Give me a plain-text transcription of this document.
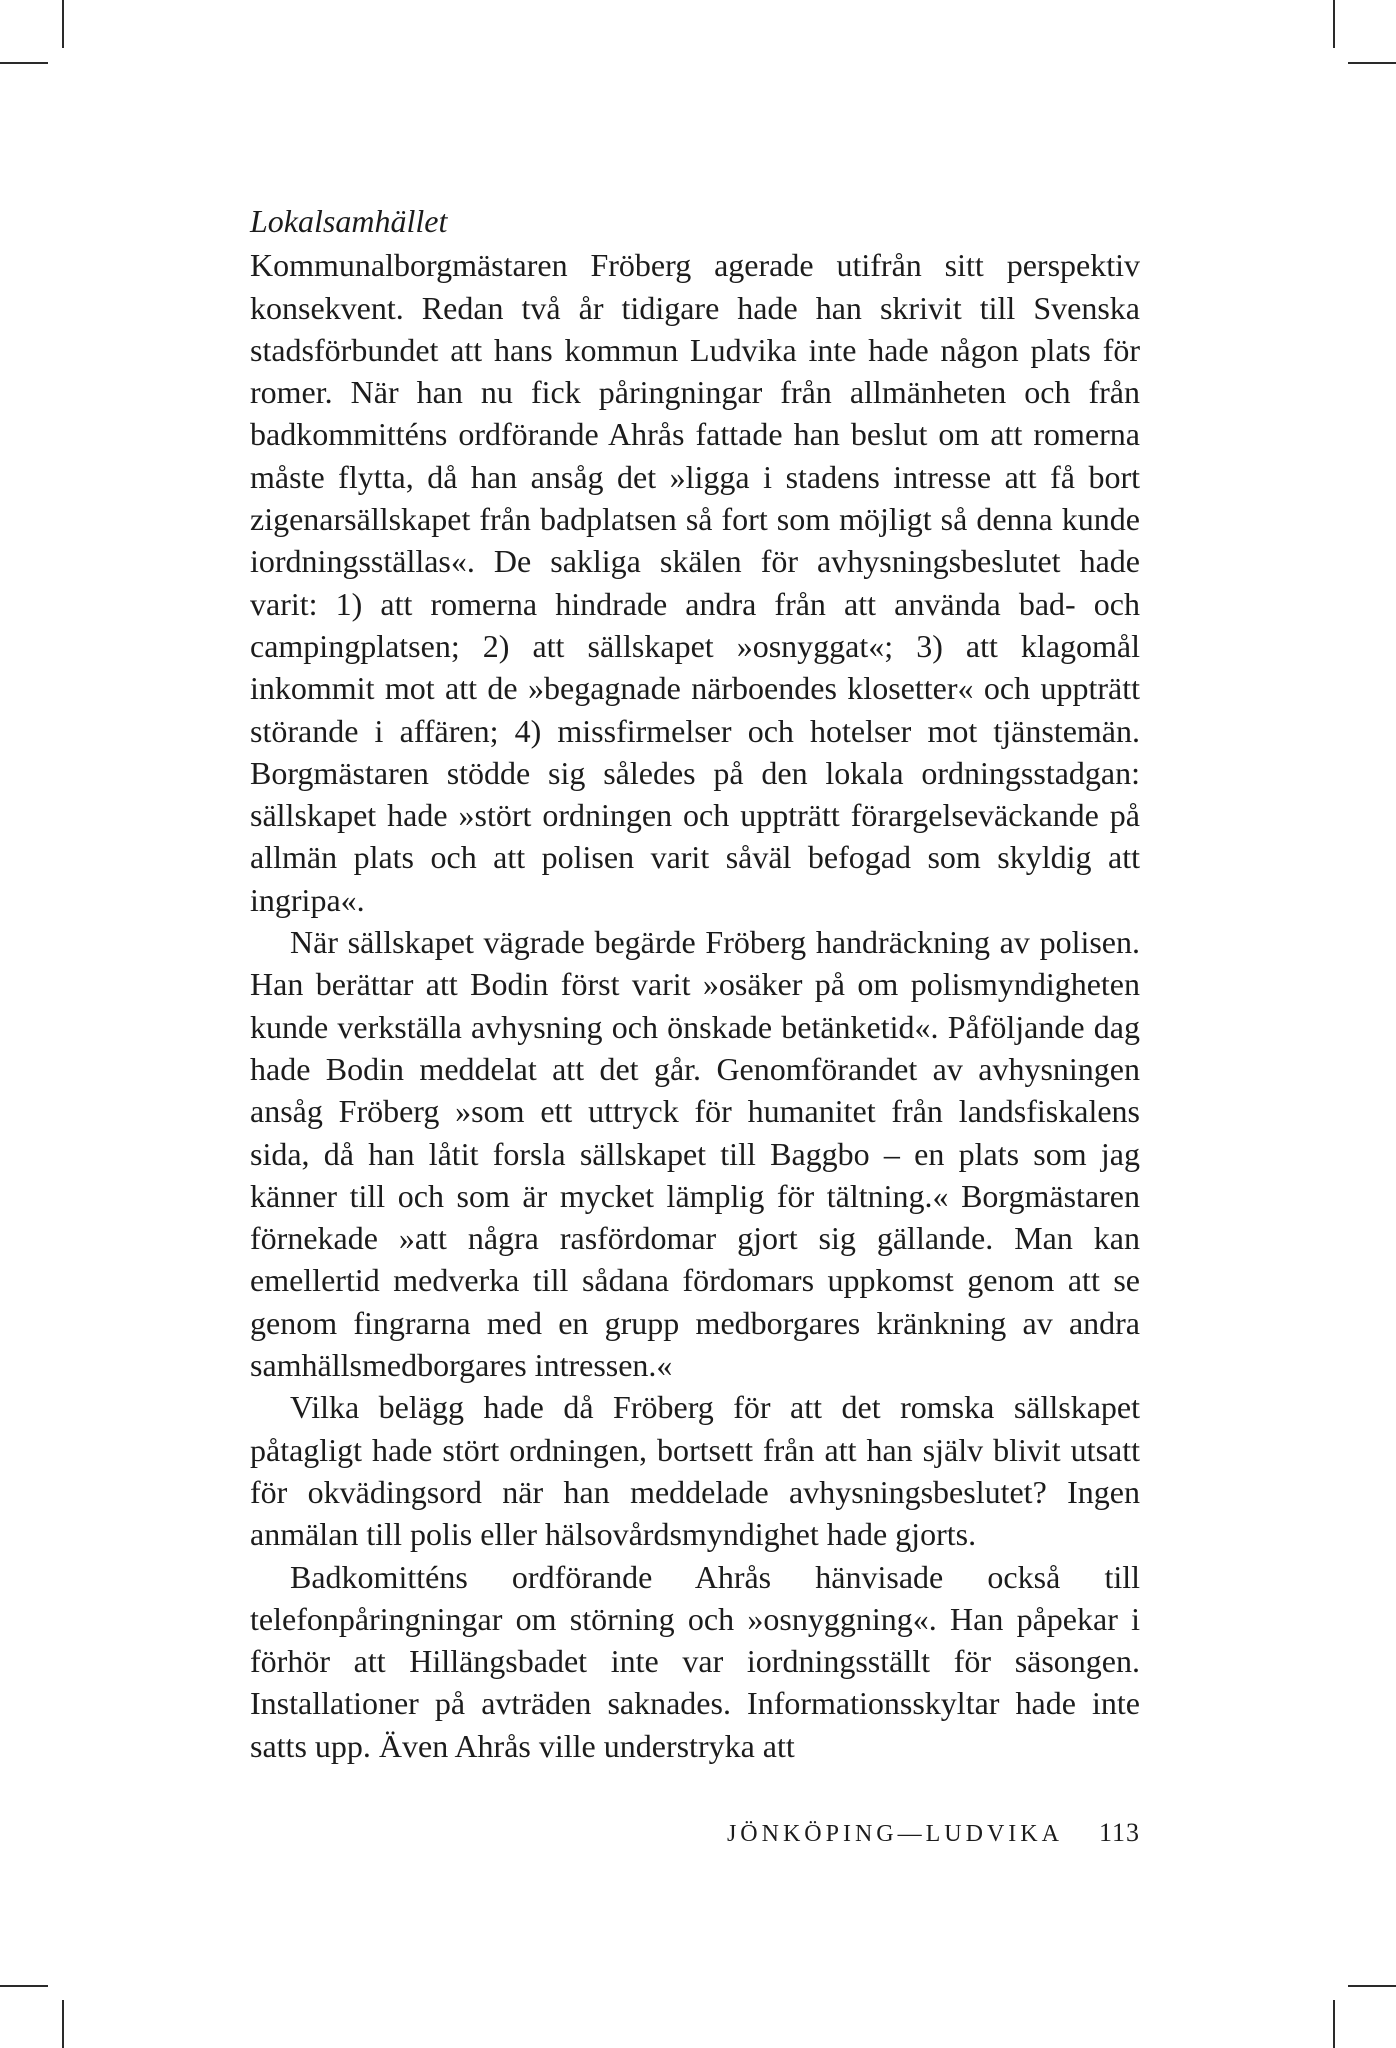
Lokalsamhället

Kommunalborgmästaren Fröberg agerade utifrån sitt perspektiv konsekvent. Redan två år tidigare hade han skrivit till Svenska stadsförbundet att hans kommun Ludvika inte hade någon plats för romer. När han nu fick påringningar från allmänheten och från badkommitténs ordförande Ahrås fattade han beslut om att romerna måste flytta, då han ansåg det »ligga i stadens intresse att få bort zigenarsällskapet från badplatsen så fort som möjligt så denna kunde iordningsställas«. De sakliga skälen för avhysningsbeslutet hade varit: 1) att romerna hindrade andra från att använda bad- och campingplatsen; 2) att sällskapet »osnyggat«; 3) att klagomål inkommit mot att de »begagnade närboendes klosetter« och uppträtt störande i affären; 4) missfirmelser och hotelser mot tjänstemän. Borgmästaren stödde sig således på den lokala ordningsstadgan: sällskapet hade »stört ordningen och uppträtt förargelseväckande på allmän plats och att polisen varit såväl befogad som skyldig att ingripa«.

När sällskapet vägrade begärde Fröberg handräckning av polisen. Han berättar att Bodin först varit »osäker på om polismyndigheten kunde verkställa avhysning och önskade betänketid«. Påföljande dag hade Bodin meddelat att det går. Genomförandet av avhysningen ansåg Fröberg »som ett uttryck för humanitet från landsfiskalens sida, då han låtit forsla sällskapet till Baggbo – en plats som jag känner till och som är mycket lämplig för tältning.« Borgmästaren förnekade »att några rasfördomar gjort sig gällande. Man kan emellertid medverka till sådana fördomars uppkomst genom att se genom fingrarna med en grupp medborgares kränkning av andra samhällsmedborgares intressen.«

Vilka belägg hade då Fröberg för att det romska sällskapet påtagligt hade stört ordningen, bortsett från att han själv blivit utsatt för okvädingsord när han meddelade avhysningsbeslutet? Ingen anmälan till polis eller hälsovårdsmyndighet hade gjorts.

Badkomitténs ordförande Ahrås hänvisade också till telefonpåringningar om störning och »osnyggning«. Han påpekar i förhör att Hillängsbadet inte var iordningsställt för säsongen. Installationer på avträden saknades. Informationsskyltar hade inte satts upp. Även Ahrås ville understryka att

JÖNKÖPING—LUDVIKA 113
